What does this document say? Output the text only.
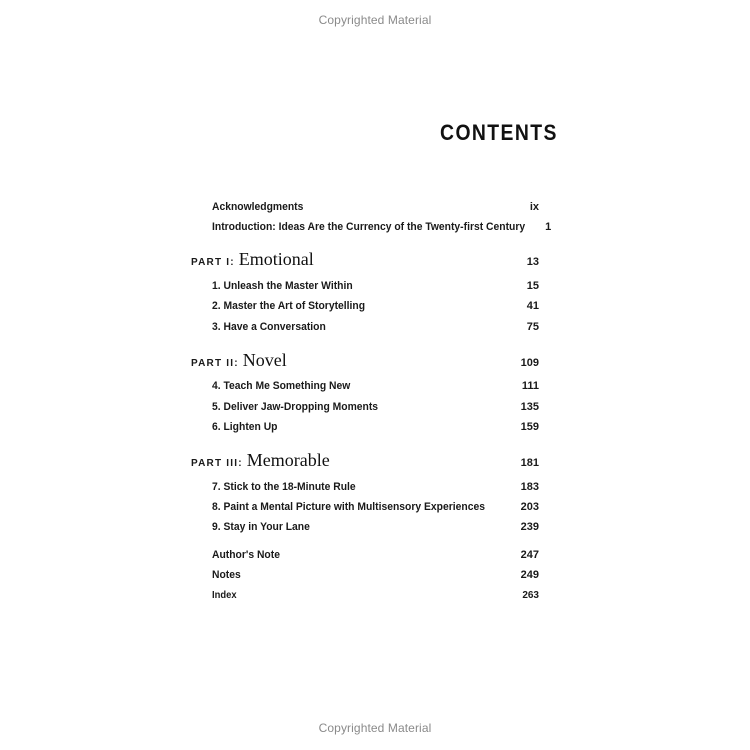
Copyrighted Material
CONTENTS
Acknowledgments	ix
Introduction: Ideas Are the Currency of the Twenty-first Century 1
PART I: Emotional	13
1. Unleash the Master Within	15
2. Master the Art of Storytelling	41
3. Have a Conversation	75
PART II: Novel	109
4. Teach Me Something New	111
5. Deliver Jaw-Dropping Moments	135
6. Lighten Up	159
PART III: Memorable	181
7. Stick to the 18-Minute Rule	183
8. Paint a Mental Picture with Multisensory Experiences	203
9. Stay in Your Lane	239
Author's Note	247
Notes	249
Index	263
Copyrighted Material
